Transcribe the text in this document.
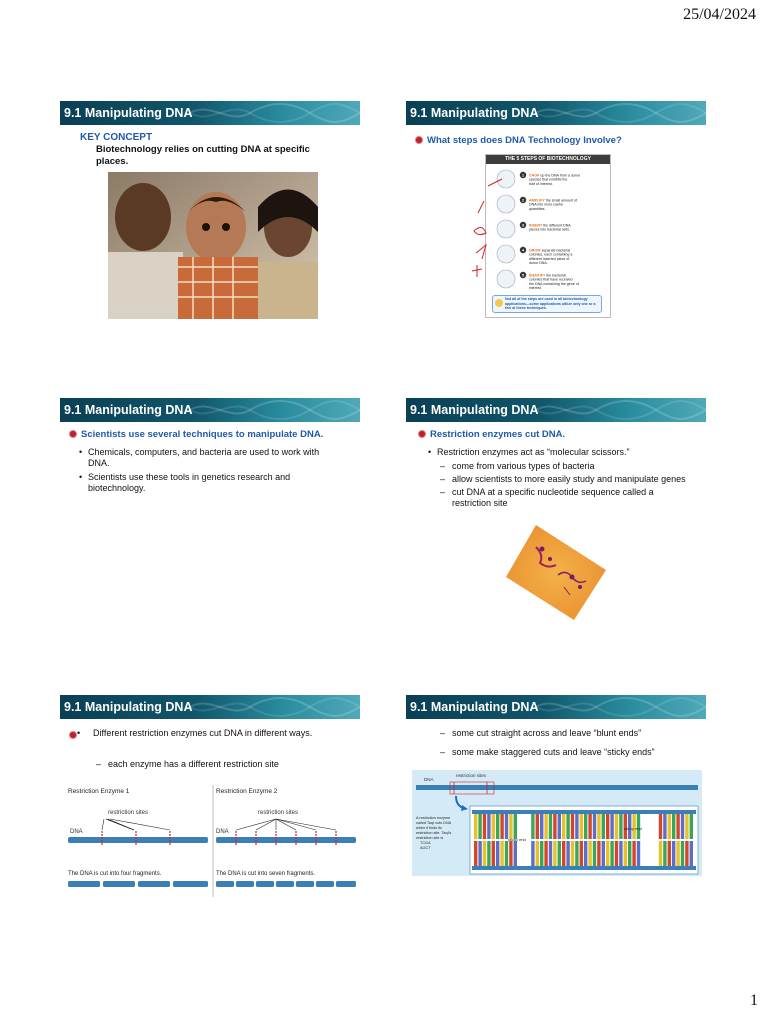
25/04/2024
9.1 Manipulating DNA
KEY CONCEPT
Biotechnology relies on cutting DNA at specific places.
9.1 Manipulating DNA
What steps does DNA Technology Involve?
THE 5 STEPS OF BIOTECHNOLOGY
1 CHOP up the DNA from a donor species that exhibits the trait of interest.
2 AMPLIFY the small amount of DNA into more useful quantities.
3 INSERT the different DNA pieces into bacterial cells.
4 GROW separate bacterial colonies, each containing a different inserted piece of donor DNA.
5 IDENTIFY the bacterial colonies that have received the DNA containing the gene of interest.
Not all of the steps are used in all biotechnology applications—some applications utilize only one or a few of these techniques.
9.1 Manipulating DNA
Scientists use several techniques to manipulate DNA.
• Chemicals, computers, and bacteria are used to work with DNA.
• Scientists use these tools in genetics research and biotechnology.
9.1 Manipulating DNA
Restriction enzymes cut DNA.
• Restriction enzymes act as “molecular scissors.”
– come from various types of bacteria
– allow scientists to more easily study and manipulate genes
– cut DNA at a specific nucleotide sequence called a restriction site
9.1 Manipulating DNA
•	Different restriction enzymes cut DNA in different ways.
– each enzyme has a different restriction site
Restriction Enzyme 1	Restriction Enzyme 2
restriction sites	restriction sites
DNA	DNA
The DNA is cut into four fragments.	The DNA is cut into seven fragments.
9.1 Manipulating DNA
– some cut straight across and leave “blunt ends”
– some make staggered cuts and leave “sticky ends”
DNA
restriction sites
A restriction enzyme
called TaqI cuts DNA
when it finds its
restriction site. TaqI's
restriction site is
TCGA
AGCT
sticky end
sticky end
1
